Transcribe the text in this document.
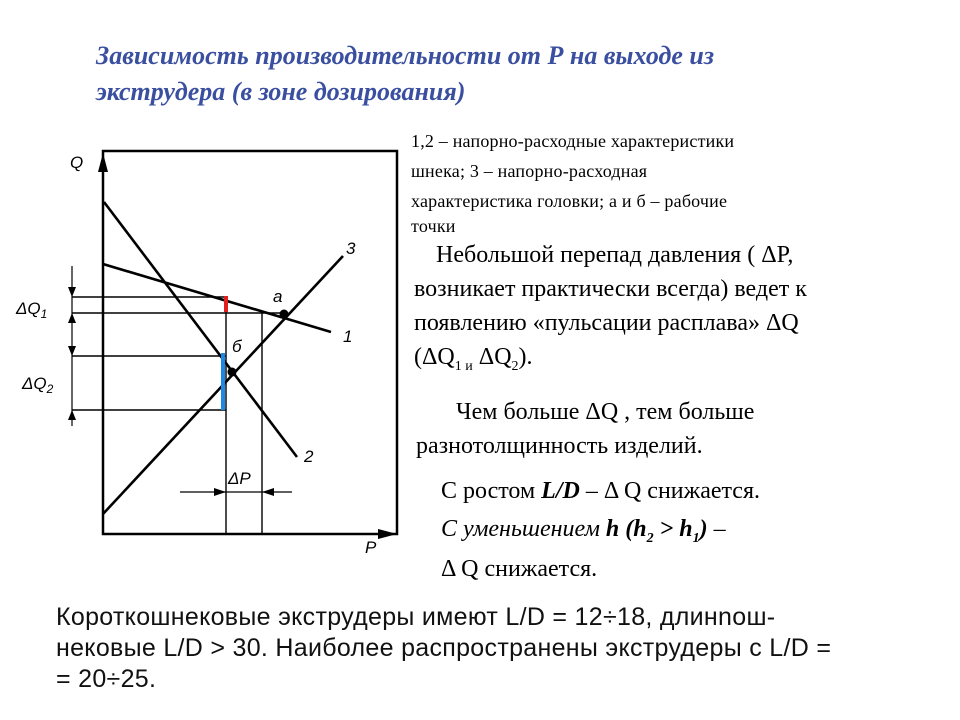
Зависимость производительности от Р на выходе из
экструдера (в зоне дозирования)
Q
P
1
2
3
а
б
$\Delta Q_1$
$\Delta Q_2$
ΔP
1,2 – напорно-расходные характеристики
шнека; 3 – напорно-расходная
характеристика головки; а и б – рабочие
точки
Небольшой перепад давления ( ΔP,
возникает практически всегда) ведет к
появлению «пульсации расплава» ΔQ
($\Delta Q_{1 и}$ $\Delta Q_2$).
Чем больше ΔQ , тем больше
разнотолщинность изделий.
С ростом L/D – Δ Q снижается.
С уменьшением h $(h_2 > h_1)$ –
Δ Q снижается.
Короткошнековые экструдеры имеют L/D = 12÷18, длинnош-
нековые L/D > 30. Наиболее распространены экструдеры с L/D =
= 20÷25.
